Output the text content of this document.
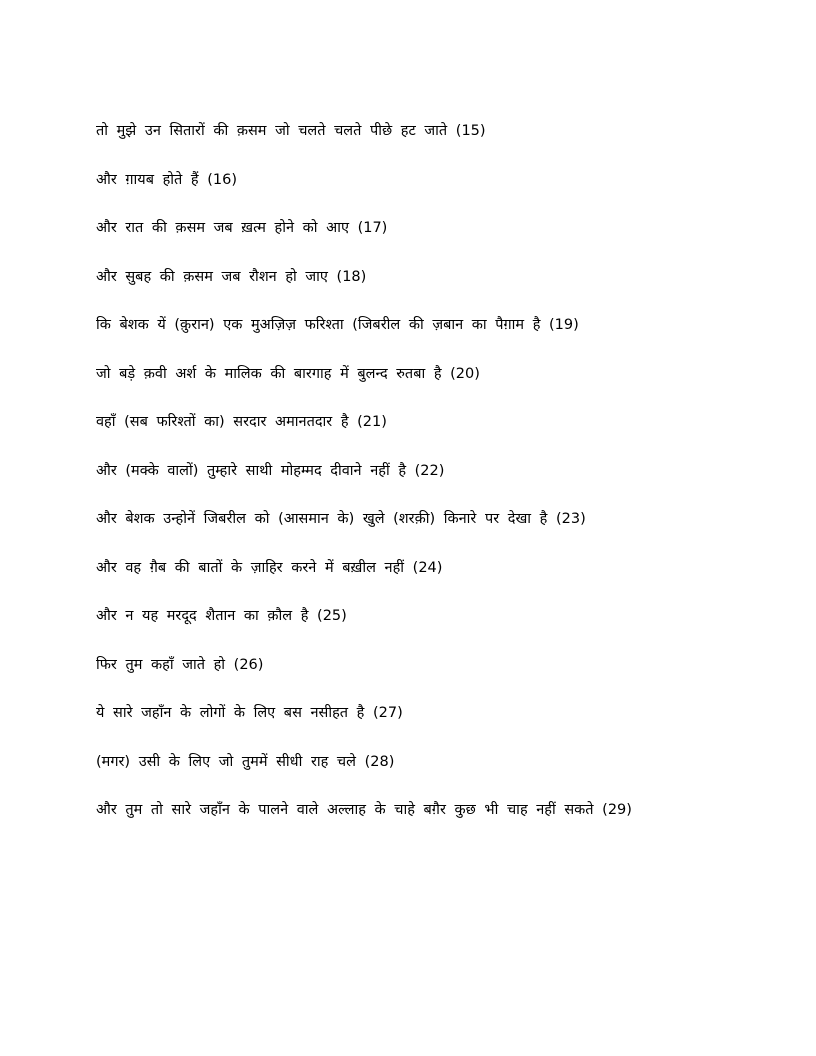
तो मुझे उन सितारों की क़सम जो चलते चलते पीछे हट जाते (15)
और ग़ायब होते हैं (16)
और रात की क़सम जब ख़त्म होने को आए (17)
और सुबह की क़सम जब रौशन हो जाए (18)
कि बेशक यें (क़ुरान) एक मुअज़िज़ फरिश्ता (जिबरील की ज़बान का पैग़ाम है (19)
जो बड़े क़वी अर्श के मालिक की बारगाह में बुलन्द रुतबा है (20)
वहाँ (सब फरिश्तों का) सरदार अमानतदार है (21)
और (मक्के वालों) तुम्हारे साथी मोहम्मद दीवाने नहीं है (22)
और बेशक उन्होनें जिबरील को (आसमान के) खुले (शरक़ी) किनारे पर देखा है (23)
और वह ग़ैब की बातों के ज़ाहिर करने में बख़ील नहीं (24)
और न यह मरदूद शैतान का क़ौल है (25)
फिर तुम कहाँ जाते हो (26)
ये सारे जहाँन के लोगों के लिए बस नसीहत है (27)
(मगर) उसी के लिए जो तुममें सीधी राह चले (28)
और तुम तो सारे जहाँन के पालने वाले अल्लाह के चाहे बग़ैर कुछ भी चाह नहीं सकते (29)
